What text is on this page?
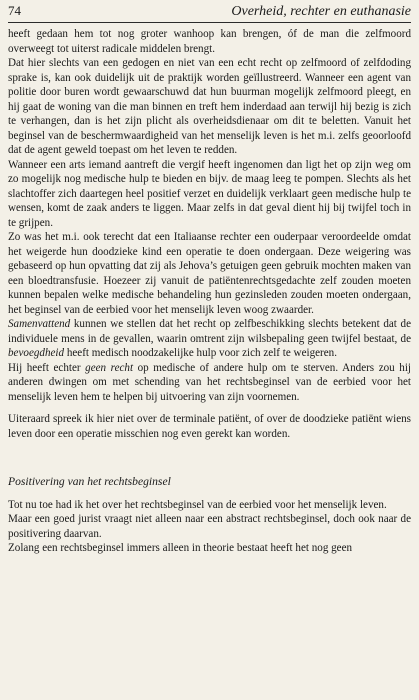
74	Overheid, rechter en euthanasie

heeft gedaan hem tot nog groter wanhoop kan brengen, óf de man die zelfmoord overweegt tot uiterst radicale middelen brengt.

Dat hier slechts van een gedogen en niet van een echt recht op zelfmoord of zelfdoding sprake is, kan ook duidelijk uit de praktijk worden geïllustreerd. Wanneer een agent van politie door buren wordt gewaarschuwd dat hun buurman mogelijk zelfmoord pleegt, en hij gaat de woning van die man binnen en treft hem inderdaad aan terwijl hij bezig is zich te verhangen, dan is het zijn plicht als overheidsdienaar om dit te beletten. Vanuit het beginsel van de beschermwaardigheid van het menselijk leven is het m.i. zelfs geoorloofd dat de agent geweld toepast om het leven te redden.

Wanneer een arts iemand aantreft die vergif heeft ingenomen dan ligt het op zijn weg om zo mogelijk nog medische hulp te bieden en bijv. de maag leeg te pompen. Slechts als het slachtoffer zich daartegen heel positief verzet en duidelijk verklaart geen medische hulp te wensen, komt de zaak anders te liggen. Maar zelfs in dat geval dient hij bij twijfel toch in te grijpen.

Zo was het m.i. ook terecht dat een Italiaanse rechter een ouderpaar veroordeelde omdat het weigerde hun doodzieke kind een operatie te doen ondergaan. Deze weigering was gebaseerd op hun opvatting dat zij als Jehova’s getuigen geen gebruik mochten maken van een bloedtransfusie. Hoezeer zij vanuit de patiëntenrechtsgedachte zelf zouden moeten kunnen bepalen welke medische behandeling hun gezinsleden zouden moeten ondergaan, het beginsel van de eerbied voor het menselijk leven woog zwaarder.

Samenvattend kunnen we stellen dat het recht op zelfbeschikking slechts betekent dat de individuele mens in de gevallen, waarin omtrent zijn wilsbepaling geen twijfel bestaat, de bevoegdheid heeft medisch noodzakelijke hulp voor zich zelf te weigeren.

Hij heeft echter geen recht op medische of andere hulp om te sterven. Anders zou hij anderen dwingen om met schending van het rechtsbeginsel van de eerbied voor het menselijk leven hem te helpen bij uitvoering van zijn voornemen.

Uiteraard spreek ik hier niet over de terminale patiënt, of over de doodzieke patiënt wiens leven door een operatie misschien nog even gerekt kan worden.

Positivering van het rechtsbeginsel

Tot nu toe had ik het over het rechtsbeginsel van de eerbied voor het menselijk leven.

Maar een goed jurist vraagt niet alleen naar een abstract rechtsbeginsel, doch ook naar de positivering daarvan.

Zolang een rechtsbeginsel immers alleen in theorie bestaat heeft het nog geen
